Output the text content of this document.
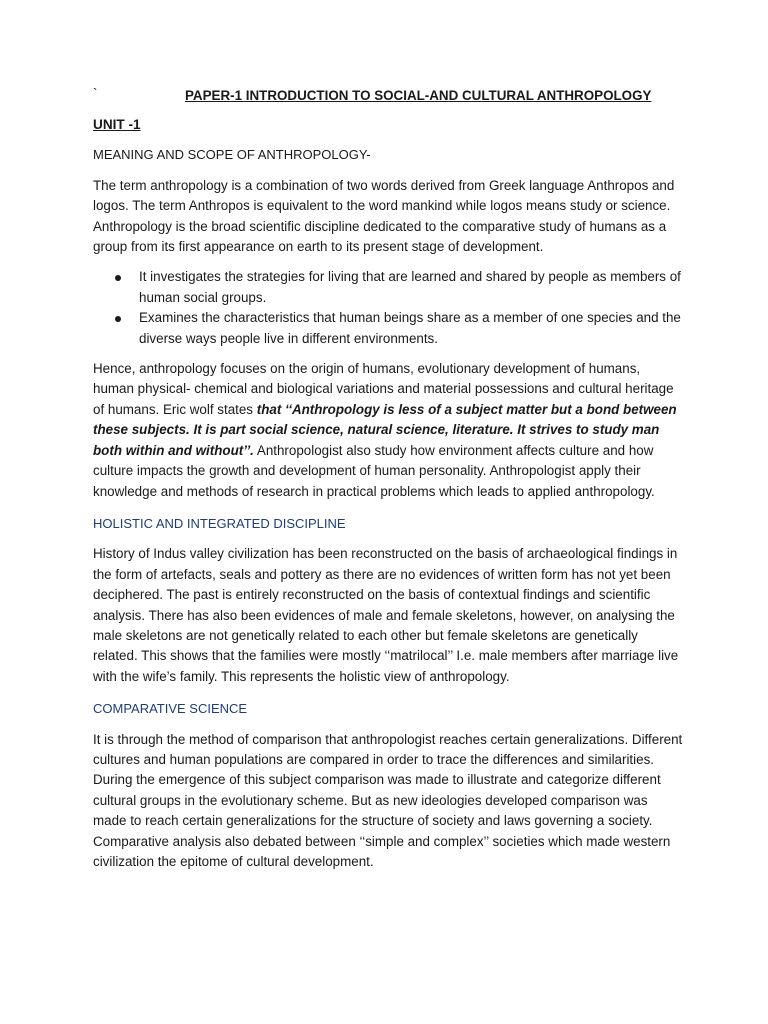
`	PAPER-1 INTRODUCTION TO SOCIAL-AND CULTURAL ANTHROPOLOGY
UNIT -1
MEANING AND SCOPE OF ANTHROPOLOGY-

The term anthropology is a combination of two words derived from Greek language Anthropos and logos. The term Anthropos is equivalent to the word mankind while logos means study or science. Anthropology is the broad scientific discipline dedicated to the comparative study of humans as a group from its first appearance on earth to its present stage of development.

It investigates the strategies for living that are learned and shared by people as members of human social groups.
Examines the characteristics that human beings share as a member of one species and the diverse ways people live in different environments.

Hence, anthropology focuses on the origin of humans, evolutionary development of humans, human physical- chemical and biological variations and material possessions and cultural heritage of humans. Eric wolf states that ‘‘Anthropology is less of a subject matter but a bond between these subjects. It is part social science, natural science, literature. It strives to study man both within and without’’. Anthropologist also study how environment affects culture and how culture impacts the growth and development of human personality. Anthropologist apply their knowledge and methods of research in practical problems which leads to applied anthropology.

HOLISTIC AND INTEGRATED DISCIPLINE

History of Indus valley civilization has been reconstructed on the basis of archaeological findings in the form of artefacts, seals and pottery as there are no evidences of written form has not yet been deciphered. The past is entirely reconstructed on the basis of contextual findings and scientific analysis. There has also been evidences of male and female skeletons, however, on analysing the male skeletons are not genetically related to each other but female skeletons are genetically related. This shows that the families were mostly ‘‘matrilocal’’ I.e. male members after marriage live with the wife’s family. This represents the holistic view of anthropology.

COMPARATIVE SCIENCE

It is through the method of comparison that anthropologist reaches certain generalizations. Different cultures and human populations are compared in order to trace the differences and similarities. During the emergence of this subject comparison was made to illustrate and categorize different cultural groups in the evolutionary scheme. But as new ideologies developed comparison was made to reach certain generalizations for the structure of society and laws governing a society. Comparative analysis also debated between ‘‘simple and complex’’ societies which made western civilization the epitome of cultural development.
